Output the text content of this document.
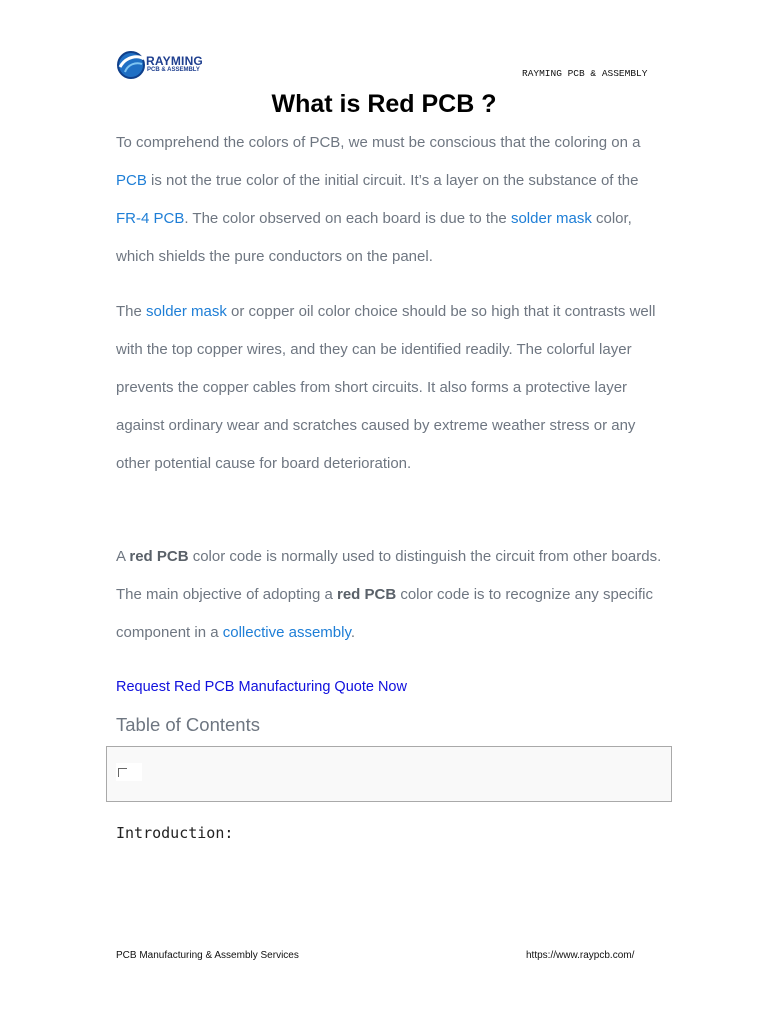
RAYMING
PCB & ASSEMBLY	RAYMING PCB & ASSEMBLY
What is Red PCB ?

To comprehend the colors of PCB, we must be conscious that the coloring on a PCB is not the true color of the initial circuit. It’s a layer on the substance of the FR-4 PCB. The color observed on each board is due to the solder mask color, which shields the pure conductors on the panel.

The solder mask or copper oil color choice should be so high that it contrasts well with the top copper wires, and they can be identified readily. The colorful layer prevents the copper cables from short circuits. It also forms a protective layer against ordinary wear and scratches caused by extreme weather stress or any other potential cause for board deterioration.

A red PCB color code is normally used to distinguish the circuit from other boards. The main objective of adopting a red PCB color code is to recognize any specific component in a collective assembly.

Request Red PCB Manufacturing Quote Now
Table of Contents
Introduction:
PCB Manufacturing & Assembly Services	https://www.raypcb.com/
